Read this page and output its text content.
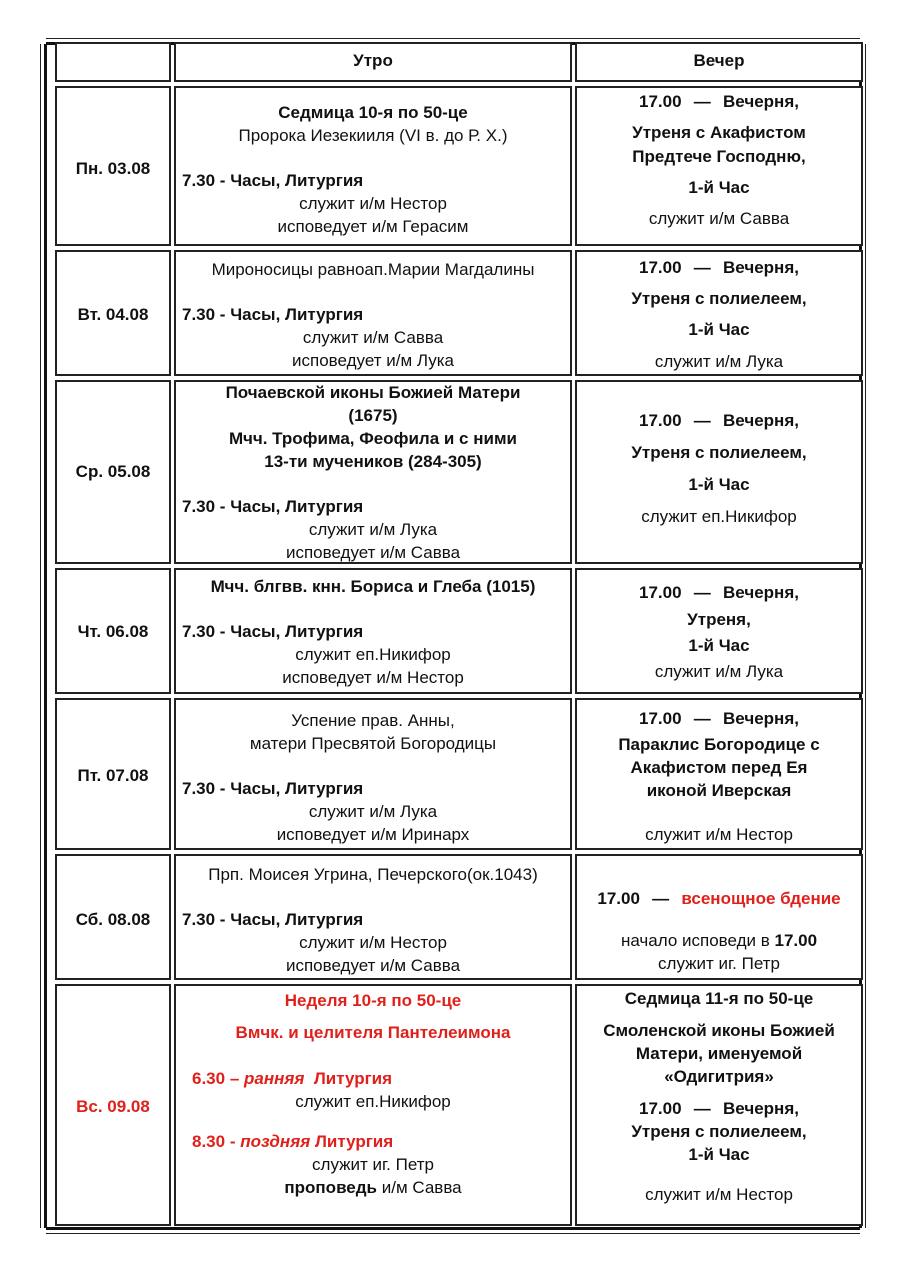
Утро	Вечер
Пн. 03.08
Седмица 10-я по 50-це
Пророка Иезекииля (VI в. до Р. Х.)
7.30 - Часы, Литургия
служит и/м Нестор
исповедует и/м Герасим
17.00 — Вечерня,
Утреня с Акафистом
Предтече Господню,
1-й Час
служит и/м Савва
Вт. 04.08
Мироносицы равноап.Марии Магдалины
7.30 - Часы, Литургия
служит и/м Савва
исповедует и/м Лука
17.00 — Вечерня,
Утреня с полиелеем,
1-й Час
служит и/м Лука
Ср. 05.08
Почаевской иконы Божией Матери
(1675)
Мчч. Трофима, Феофила и с ними
13-ти мучеников (284-305)
7.30 - Часы, Литургия
служит и/м Лука
исповедует и/м Савва
17.00 — Вечерня,
Утреня с полиелеем,
1-й Час
служит еп.Никифор
Чт. 06.08
Мчч. блгвв. кнн. Бориса и Глеба (1015)
7.30 - Часы, Литургия
служит еп.Никифор
исповедует и/м Нестор
17.00 — Вечерня,
Утреня,
1-й Час
служит и/м Лука
Пт. 07.08
Успение прав. Анны,
матери Пресвятой Богородицы
7.30 - Часы, Литургия
служит и/м Лука
исповедует и/м Иринарх
17.00 — Вечерня,
Параклис Богородице с
Акафистом перед Ея
иконой Иверская
служит и/м Нестор
Сб. 08.08
Прп. Моисея Угрина, Печерского(ок.1043)
7.30 - Часы, Литургия
служит и/м Нестор
исповедует и/м Савва
17.00 — всенощное бдение
начало исповеди в 17.00
служит иг. Петр
Вс. 09.08
Неделя 10-я по 50-це
Вмчк. и целителя Пантелеимона
6.30 – ранняя Литургия
служит еп.Никифор
8.30 - поздняя Литургия
служит иг. Петр
проповедь и/м Савва
Седмица 11-я по 50-це
Смоленской иконы Божией
Матери, именуемой
«Одигитрия»
17.00 — Вечерня,
Утреня с полиелеем,
1-й Час
служит и/м Нестор
